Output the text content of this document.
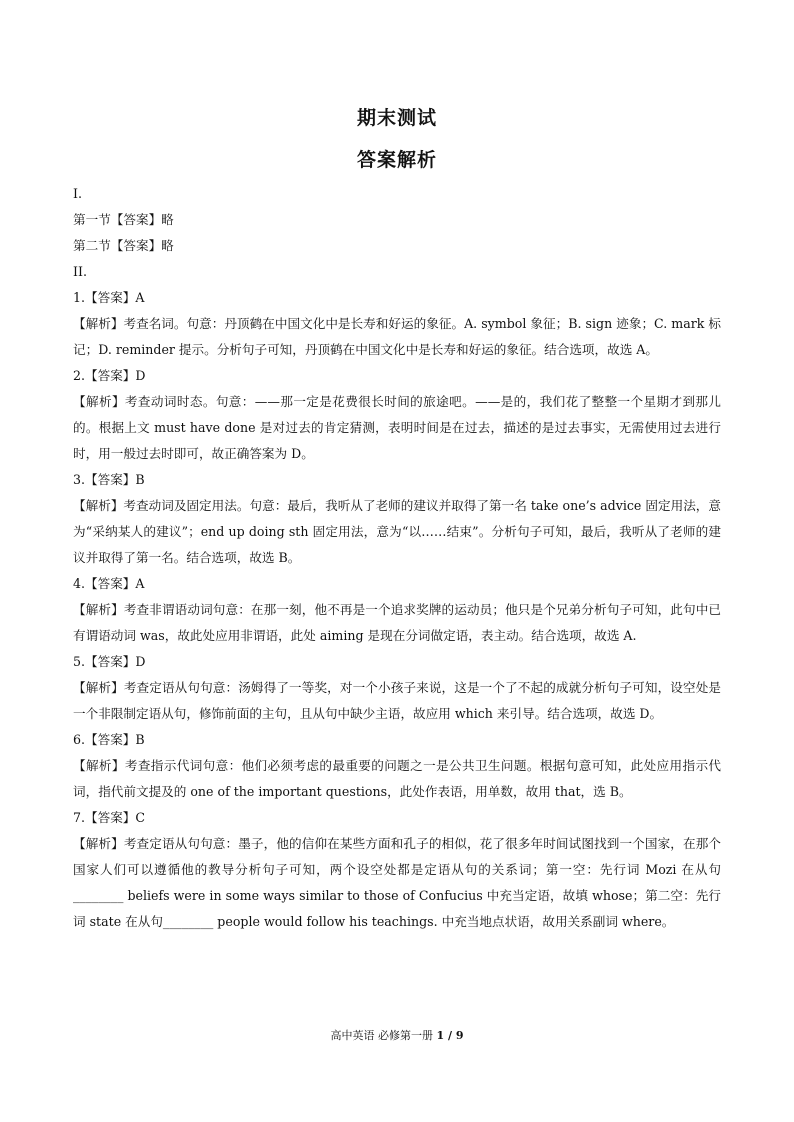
期末测试
答案解析

I.

第一节【答案】略

第二节【答案】略

II.

1.【答案】A

【解析】考查名词。句意：丹顶鹤在中国文化中是长寿和好运的象征。A. symbol 象征；B. sign 迹象；C. mark 标记；D. reminder 提示。分析句子可知，丹顶鹤在中国文化中是长寿和好运的象征。结合选项，故选 A。

2.【答案】D

【解析】考查动词时态。句意：——那一定是花费很长时间的旅途吧。——是的，我们花了整整一个星期才到那儿的。根据上文 must have done 是对过去的肯定猜测，表明时间是在过去，描述的是过去事实，无需使用过去进行时，用一般过去时即可，故正确答案为 D。

3.【答案】B

【解析】考查动词及固定用法。句意：最后，我听从了老师的建议并取得了第一名 take one’s advice 固定用法，意为“采纳某人的建议”；end up doing sth 固定用法，意为“以……结束”。分析句子可知，最后，我听从了老师的建议并取得了第一名。结合选项，故选 B。

4.【答案】A

【解析】考查非谓语动词句意：在那一刻，他不再是一个追求奖牌的运动员；他只是个兄弟分析句子可知，此句中已有谓语动词 was，故此处应用非谓语，此处 aiming 是现在分词做定语，表主动。结合选项，故选 A.

5.【答案】D

【解析】考查定语从句句意：汤姆得了一等奖，对一个小孩子来说，这是一个了不起的成就分析句子可知，设空处是一个非限制定语从句，修饰前面的主句，且从句中缺少主语，故应用 which 来引导。结合选项，故选 D。

6.【答案】B

【解析】考查指示代词句意：他们必须考虑的最重要的问题之一是公共卫生问题。根据句意可知，此处应用指示代词，指代前文提及的 one of the important questions，此处作表语，用单数，故用 that，选 B。

7.【答案】C

【解析】考查定语从句句意：墨子，他的信仰在某些方面和孔子的相似，花了很多年时间试图找到一个国家，在那个国家人们可以遵循他的教导分析句子可知，两个设空处都是定语从句的关系词；第一空：先行词 Mozi 在从句________ beliefs were in some ways similar to those of Confucius 中充当定语，故填 whose；第二空：先行词 state 在从句________ people would follow his teachings. 中充当地点状语，故用关系副词 where。

高中英语 必修第一册 1 / 9
